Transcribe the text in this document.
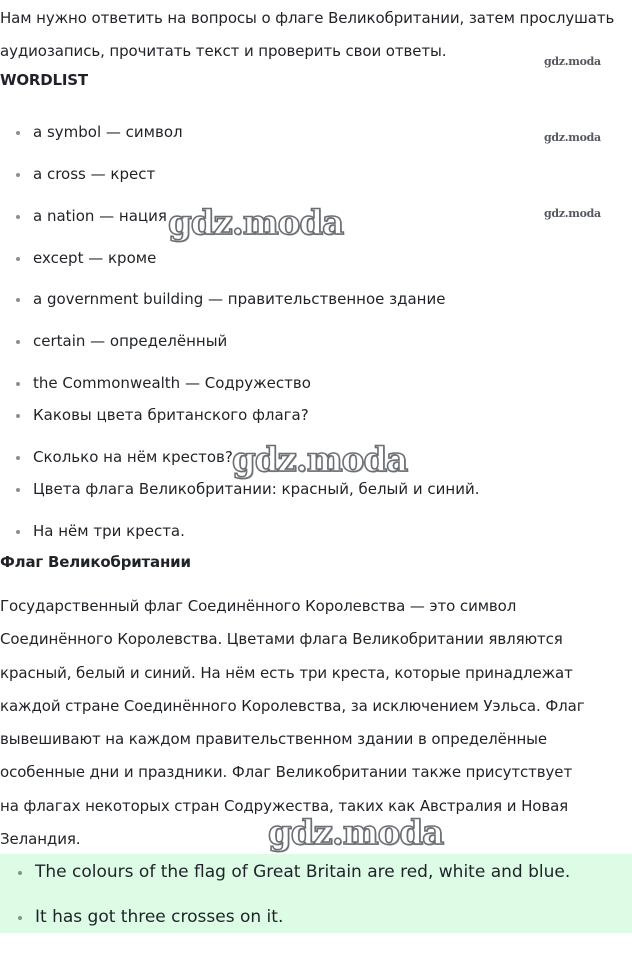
Нам нужно ответить на вопросы о флаге Великобритании, затем прослушать
аудиозапись, прочитать текст и проверить свои ответы.
WORDLIST
a symbol — символ
a cross — крест
a nation — нация
except — кроме
a government building — правительственное здание
certain — определённый
the Commonwealth — Содружество
Каковы цвета британского флага?
Сколько на нём крестов?
Цвета флага Великобритании: красный, белый и синий.
На нём три креста.
Флаг Великобритании
Государственный флаг Соединённого Королевства — это символ
Соединённого Королевства. Цветами флага Великобритании являются
красный, белый и синий. На нём есть три креста, которые принадлежат
каждой стране Соединённого Королевства, за исключением Уэльса. Флаг
вывешивают на каждом правительственном здании в определённые
особенные дни и праздники. Флаг Великобритании также присутствует
на флагах некоторых стран Содружества, таких как Австралия и Новая
Зеландия.
The colours of the flag of Great Britain are red, white and blue.
It has got three crosses on it.
gdz.moda
gdz.moda
gdz.moda
gdz.moda
gdz.moda
gdz.moda
